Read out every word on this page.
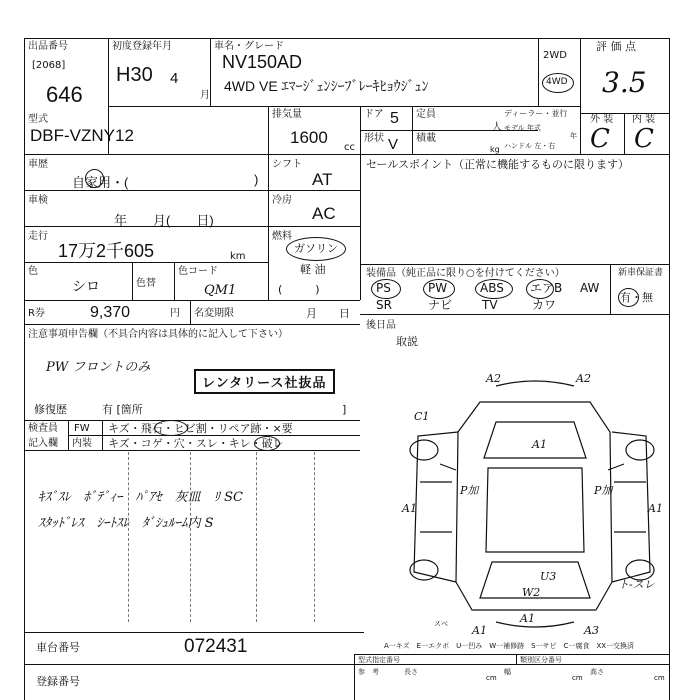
出品番号
[2068]
646
初度登録年月
H30 4
月
車名・グレード
NV150AD
4WD VE ｴﾏｰｼﾞｪﾝｼｰﾌﾞﾚｰｷﾋｮｳｼﾞｭﾝ
2WD
4WD
評 価 点
3.5
型式
DBF-VZNY12
排気量
1600
cc
ドア 5
形状 V
定員
人
積載
kg
ディーラー・並行
モデル 年式
年
ハンドル 左・右
外 装 内 装
C C
車歴
自家用・(	)
シフト
AT
車検
年　　月(　　日)
冷房
AC
走行
17万2千605	km
燃料
ガソリン
軽 油
(　　　)
色
シロ	色替
色コード
QM1
R券	9,370	円 名変期限	月　　日
注意事項申告欄（不具合内容は具体的に記入して下さい）
PW フロントのみ
レンタリース社抜品
修復歴	有 [箇所	]
検査員
記入欄
FW キズ・飛石・ヒビ割・リペア跡・×要
内装 キズ・コゲ・穴・スレ・キレ・破レ
ｷｽﾞｽﾚ　ﾎﾞﾃﾞｨｰ　ﾊﾟｱｾ　灰皿　ﾘ SC
ｽﾀｯﾄﾞﾚｽ　ｼｰﾄｽﾚ　ﾀﾞｼｭﾙｰﾑ内 S
セールスポイント（正常に機能するものに限ります）
装備品（純正品に限り○を付けてください）	新車保証書
有・無
PS	PW	ABS エアB AW
SR	ナビ TV	カワ
後日品
取説
A2	A2
C1
A1
A1
P加	P加
A1
U3
W2
ト-スレ
A1
A1
A3
スベ
A一キズ　E一エクボ　U一凹み　W一補修跡　S一サビ　C一腐食　XX一交換済
車台番号	072431
登録番号
型式指定番号	類別区分番号
参　考	長さ
cm
幅
cm
高さ
cm
